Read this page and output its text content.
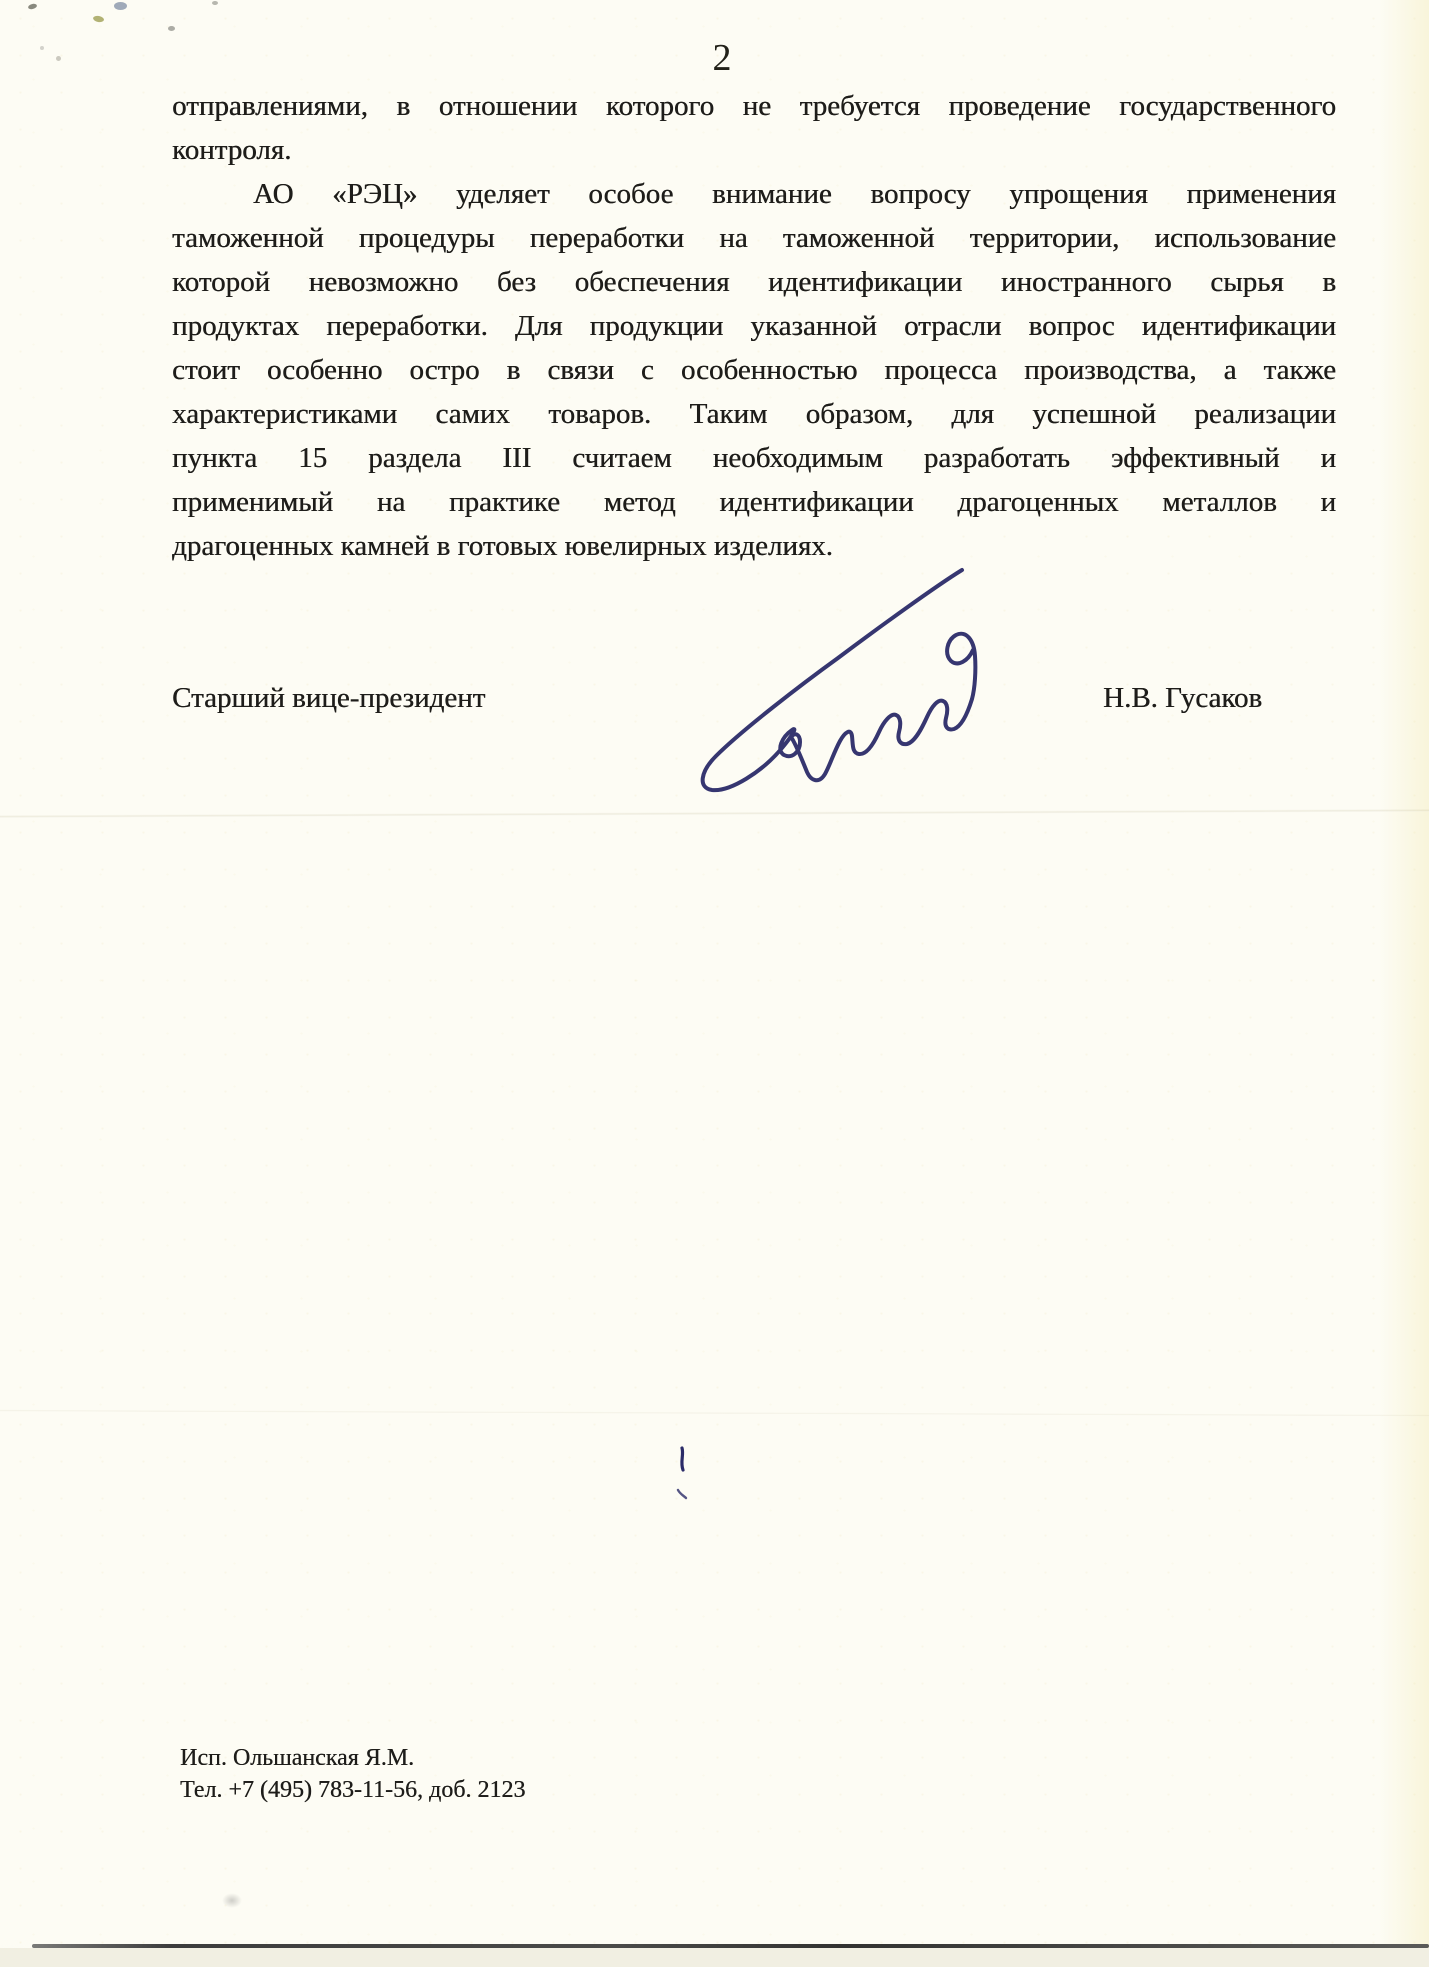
2
отправлениями, в отношении которого не требуется проведение государственного
контроля.
АО «РЭЦ» уделяет особое внимание вопросу упрощения применения
таможенной процедуры переработки на таможенной территории, использование
которой невозможно без обеспечения идентификации иностранного сырья в
продуктах переработки. Для продукции указанной отрасли вопрос идентификации
стоит особенно остро в связи с особенностью процесса производства, а также
характеристиками самих товаров. Таким образом, для успешной реализации
пункта 15 раздела III считаем необходимым разработать эффективный и
применимый на практике метод идентификации драгоценных металлов и
драгоценных камней в готовых ювелирных изделиях.
Старший вице-президент	Н.В. Гусаков
Исп. Ольшанская Я.М.
Тел. +7 (495) 783-11-56, доб. 2123
